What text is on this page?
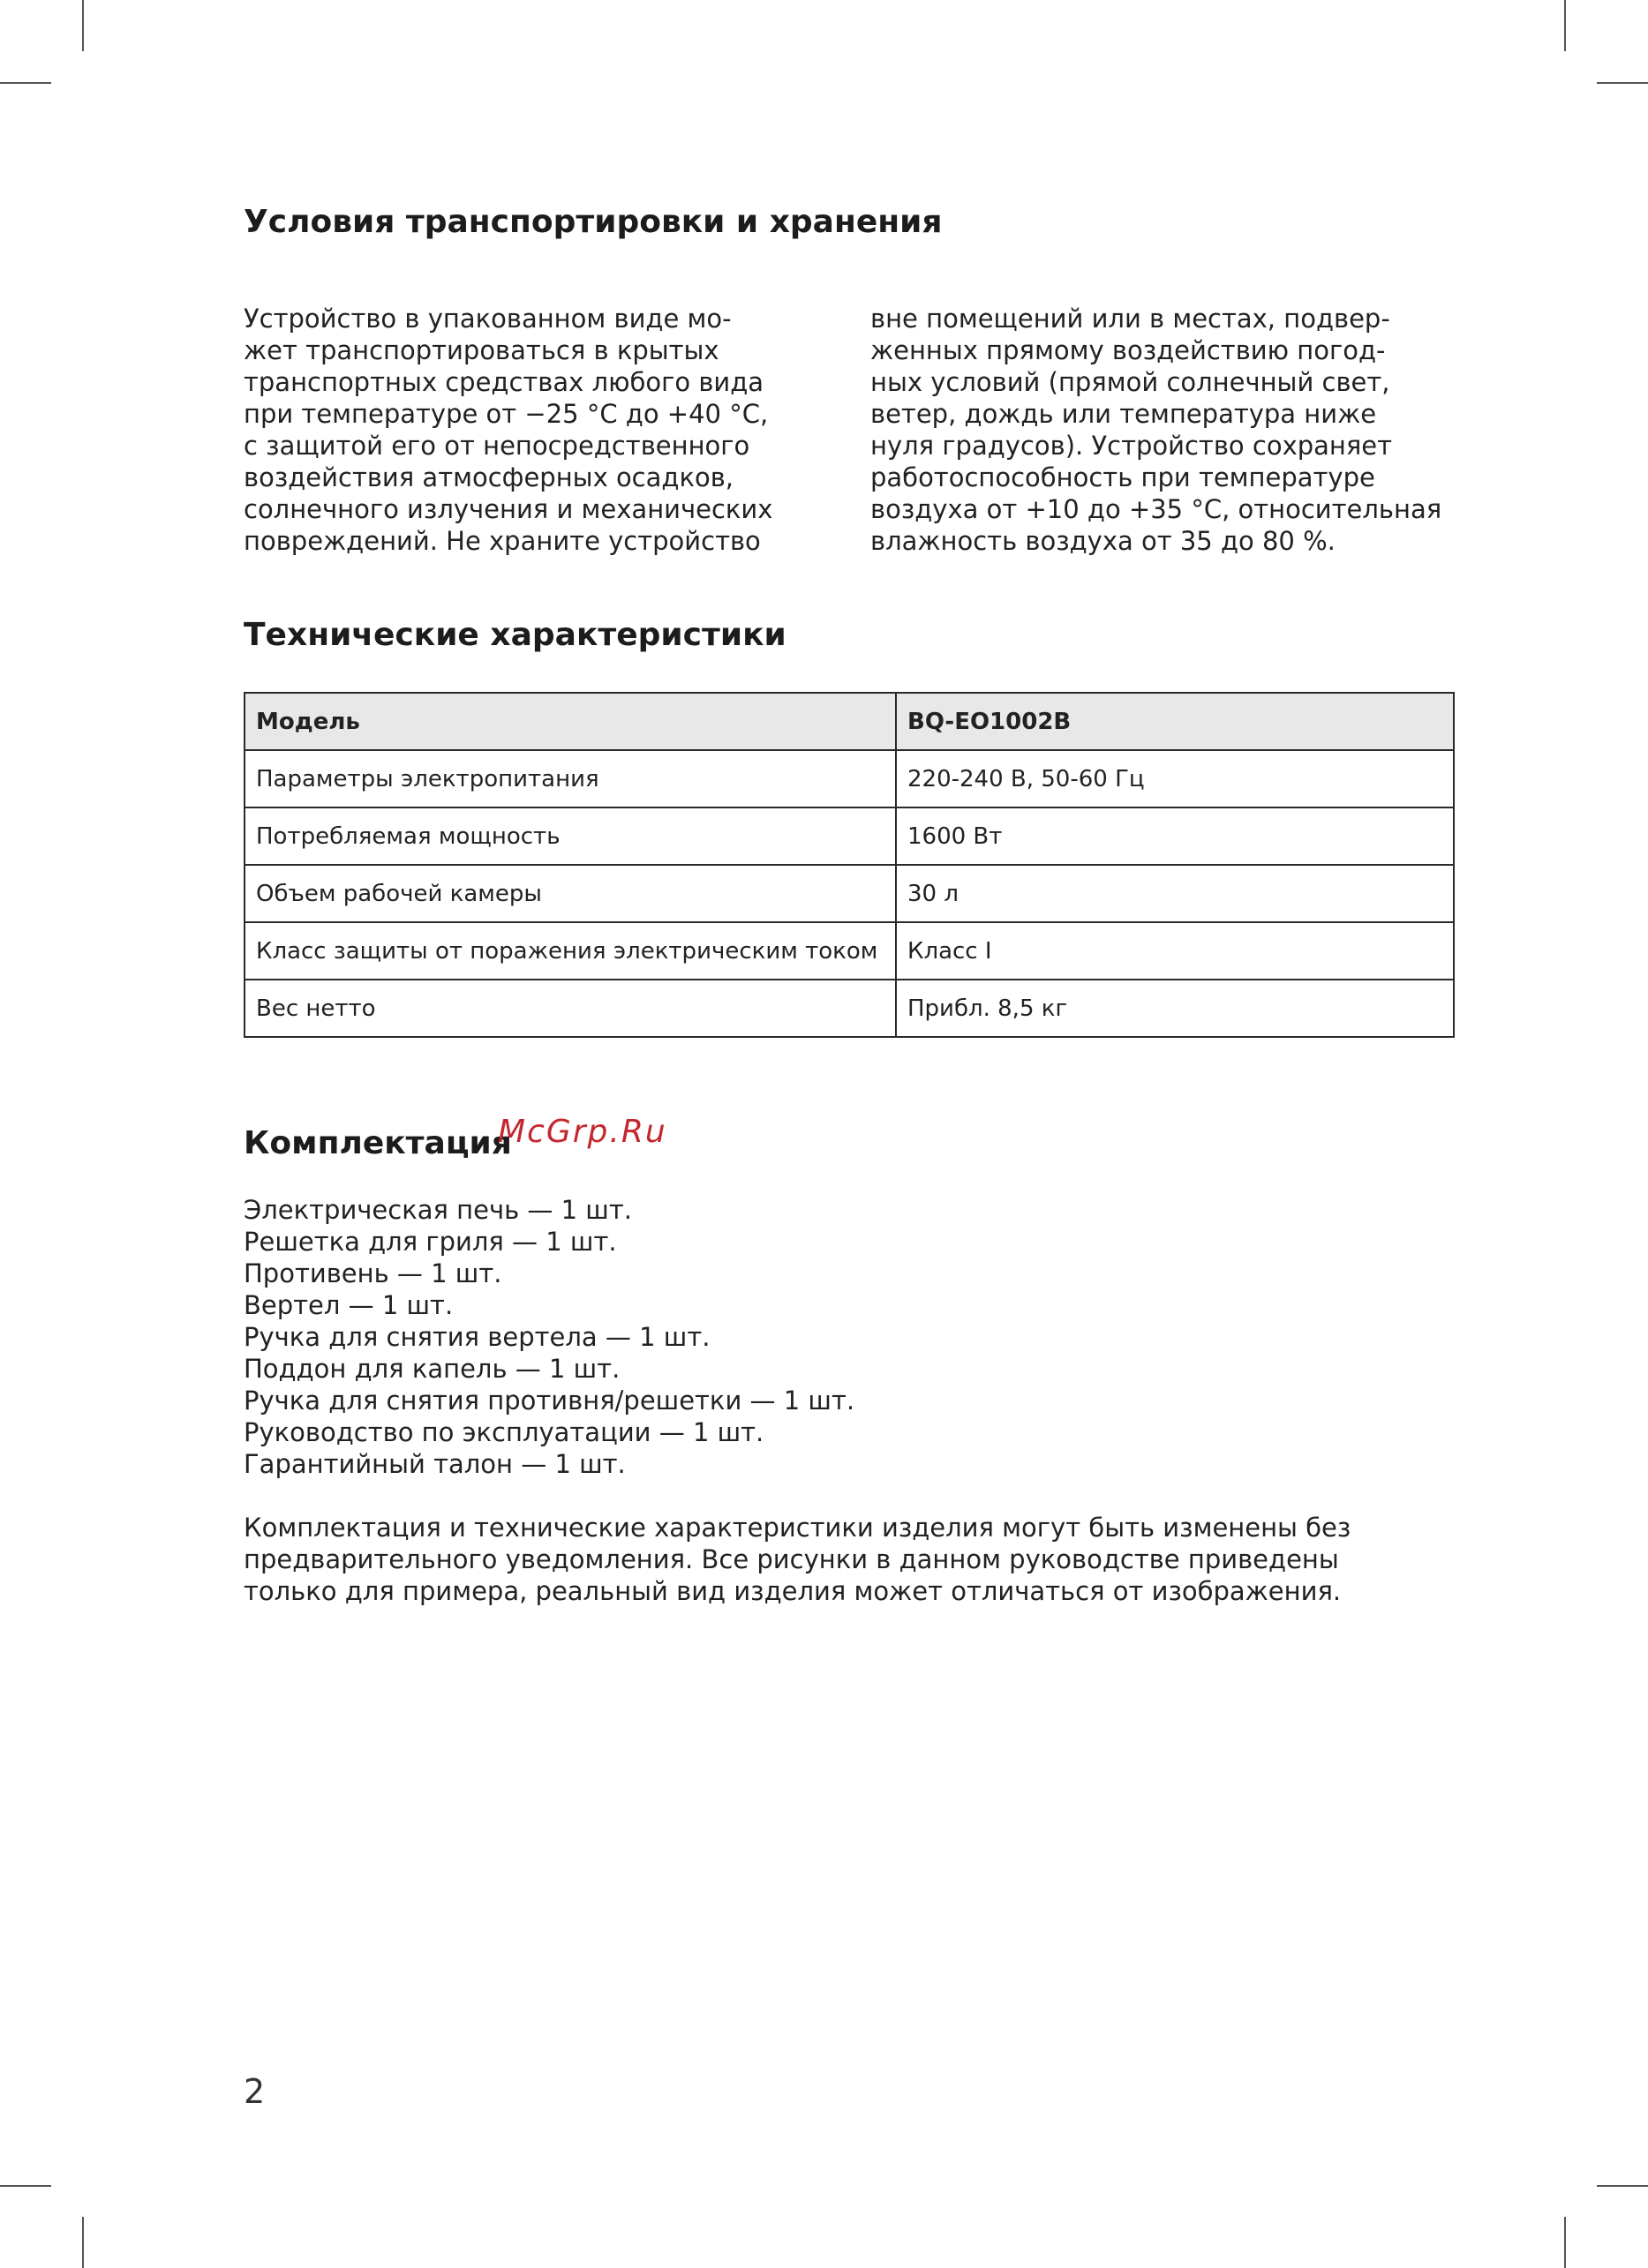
Условия транспортировки и хранения
Устройство в упакованном виде мо-
жет транспортироваться в крытых
транспортных средствах любого вида
при температуре от −25 °C до +40 °C,
с защитой его от непосредственного
воздействия атмосферных осадков,
солнечного излучения и механических
повреждений. Не храните устройство
вне помещений или в местах, подвер-
женных прямому воздействию погод-
ных условий (прямой солнечный свет,
ветер, дождь или температура ниже
нуля градусов). Устройство сохраняет
работоспособность при температуре
воздуха от +10 до +35 °C, относительная
влажность воздуха от 35 до 80 %.
Технические характеристики
Модель	BQ-EO1002B
Параметры электропитания	220-240 В, 50-60 Гц
Потребляемая мощность	1600 Вт
Объем рабочей камеры	30 л
Класс защиты от поражения электрическим током	Класс I
Вес нетто	Прибл. 8,5 кг
Комплектация
Электрическая печь — 1 шт.
Решетка для гриля — 1 шт.
Противень — 1 шт.
Вертел — 1 шт.
Ручка для снятия вертела — 1 шт.
Поддон для капель — 1 шт.
Ручка для снятия противня/решетки — 1 шт.
Руководство по эксплуатации — 1 шт.
Гарантийный талон — 1 шт.
Комплектация и технические характеристики изделия могут быть изменены без
предварительного уведомления. Все рисунки в данном руководстве приведены
только для примера, реальный вид изделия может отличаться от изображения.
2
McGrp.Ru
